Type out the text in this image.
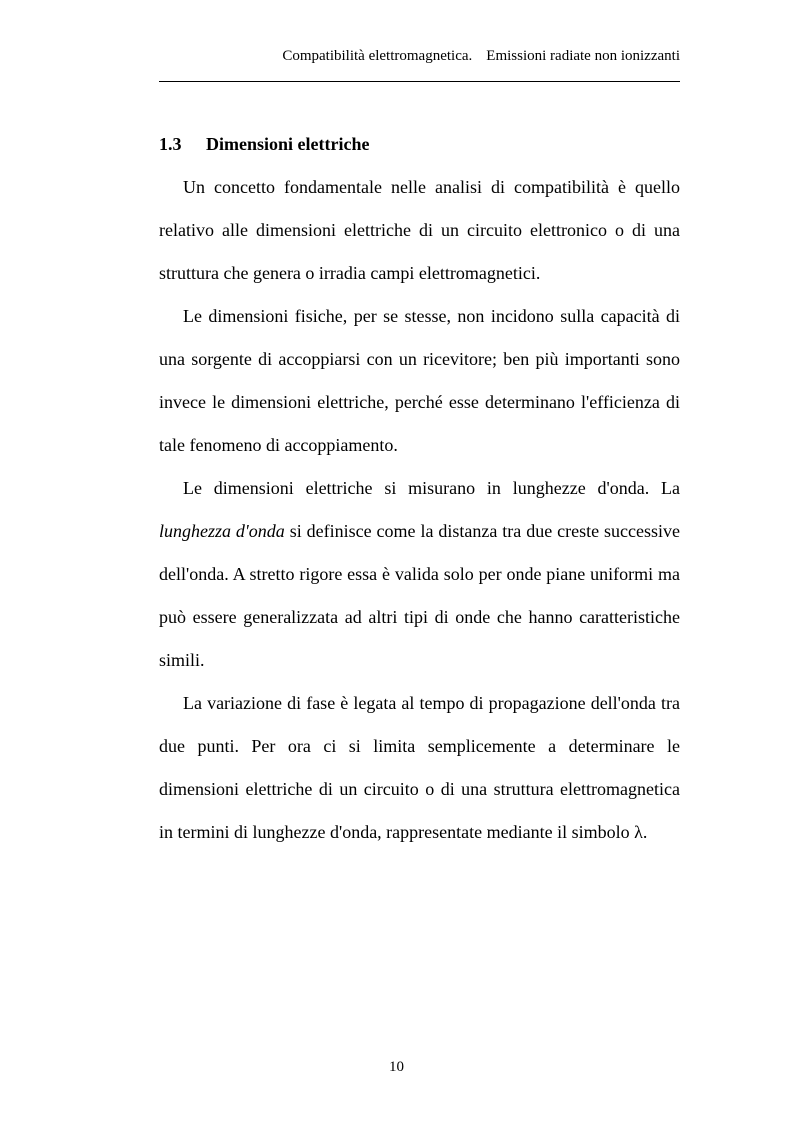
Compatibilità elettromagnetica. Emissioni radiate non ionizzanti
1.3 Dimensioni elettriche

Un concetto fondamentale nelle analisi di compatibilità è quello relativo alle dimensioni elettriche di un circuito elettronico o di una struttura che genera o irradia campi elettromagnetici.

Le dimensioni fisiche, per se stesse, non incidono sulla capacità di una sorgente di accoppiarsi con un ricevitore; ben più importanti sono invece le dimensioni elettriche, perché esse determinano l'efficienza di tale fenomeno di accoppiamento.

Le dimensioni elettriche si misurano in lunghezze d'onda. La lunghezza d'onda si definisce come la distanza tra due creste successive dell'onda. A stretto rigore essa è valida solo per onde piane uniformi ma può essere generalizzata ad altri tipi di onde che hanno caratteristiche simili.

La variazione di fase è legata al tempo di propagazione dell'onda tra due punti. Per ora ci si limita semplicemente a determinare le dimensioni elettriche di un circuito o di una struttura elettromagnetica in termini di lunghezze d'onda, rappresentate mediante il simbolo λ.

10
